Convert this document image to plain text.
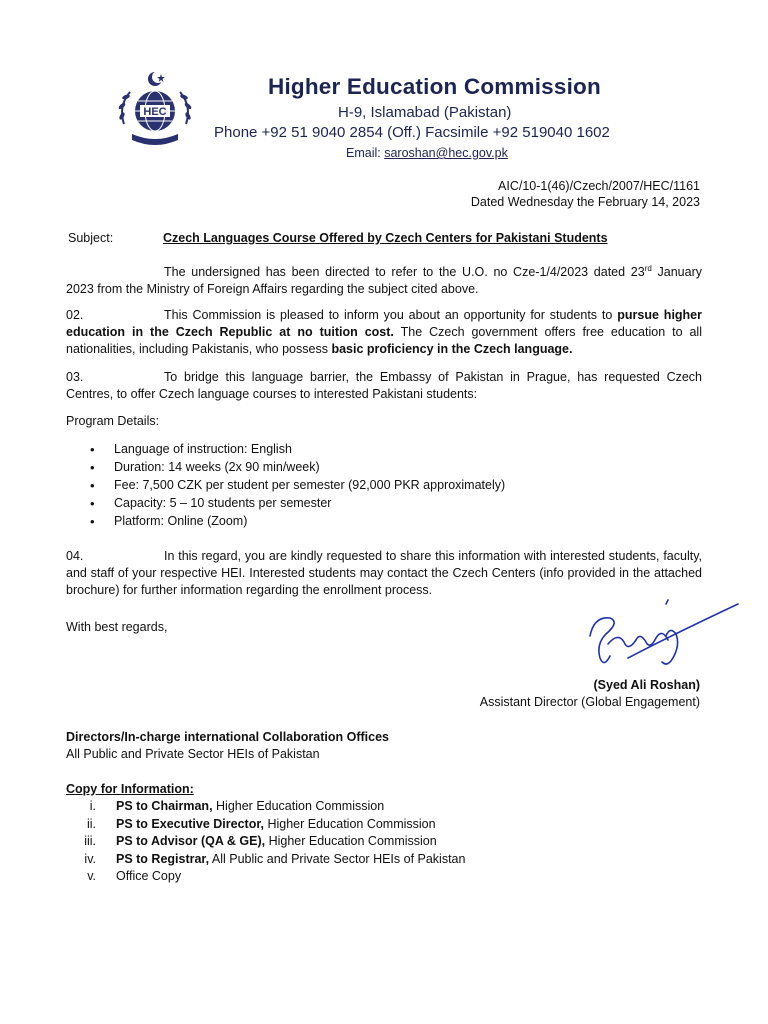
HEC
Higher Education Commission
H-9, Islamabad (Pakistan)
Phone +92 51 9040 2854 (Off.) Facsimile +92 519040 1602
Email: saroshan@hec.gov.pk
AIC/10-1(46)/Czech/2007/HEC/1161
Dated Wednesday the February 14, 2023
Subject:	Czech Languages Course Offered by Czech Centers for Pakistani Students
The undersigned has been directed to refer to the U.O. no Cze-1/4/2023 dated 23rd January 2023 from the Ministry of Foreign Affairs regarding the subject cited above.
02.	This Commission is pleased to inform you about an opportunity for students to pursue higher education in the Czech Republic at no tuition cost. The Czech government offers free education to all nationalities, including Pakistanis, who possess basic proficiency in the Czech language.
03.	To bridge this language barrier, the Embassy of Pakistan in Prague, has requested Czech Centres, to offer Czech language courses to interested Pakistani students:
Program Details:
• Language of instruction: English
• Duration: 14 weeks (2x 90 min/week)
• Fee: 7,500 CZK per student per semester (92,000 PKR approximately)
• Capacity: 5 – 10 students per semester
• Platform: Online (Zoom)
04.	In this regard, you are kindly requested to share this information with interested students, faculty, and staff of your respective HEI. Interested students may contact the Czech Centers (info provided in the attached brochure) for further information regarding the enrollment process.
With best regards,
(Syed Ali Roshan)
Assistant Director (Global Engagement)
Directors/In-charge international Collaboration Offices
All Public and Private Sector HEIs of Pakistan
Copy for Information:
i. PS to Chairman, Higher Education Commission
ii. PS to Executive Director, Higher Education Commission
iii. PS to Advisor (QA & GE), Higher Education Commission
iv. PS to Registrar, All Public and Private Sector HEIs of Pakistan
v. Office Copy
